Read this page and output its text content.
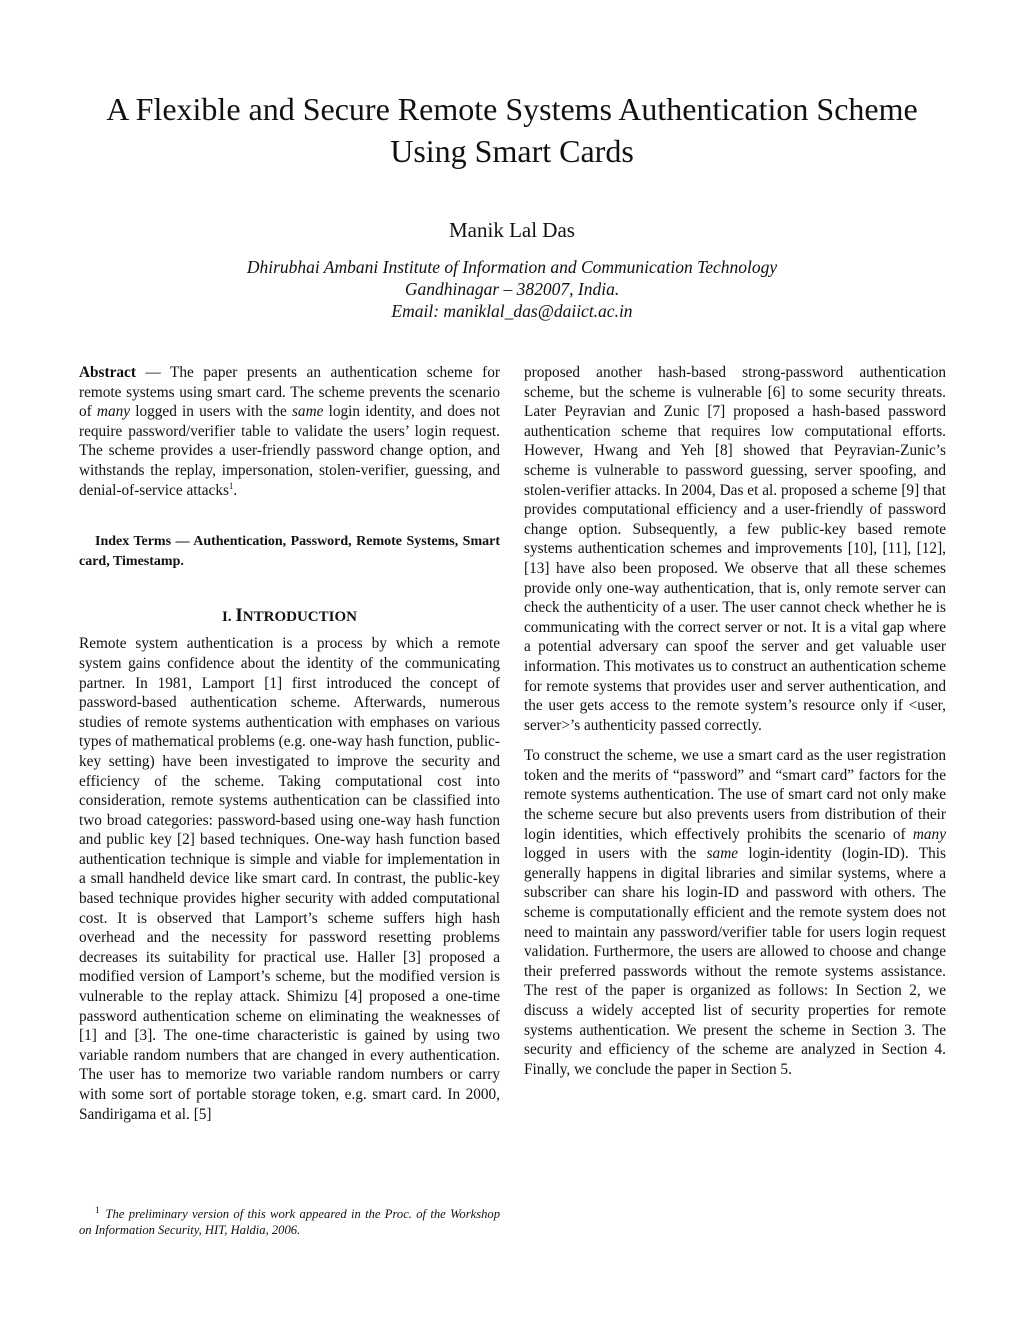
A Flexible and Secure Remote Systems Authentication Scheme
Using Smart Cards
Manik Lal Das
Dhirubhai Ambani Institute of Information and Communication Technology
Gandhinagar – 382007, India.
Email: maniklal_das@daiict.ac.in

Abstract — The paper presents an authentication scheme for remote systems using smart card. The scheme prevents the scenario of many logged in users with the same login identity, and does not require password/verifier table to validate the users’ login request. The scheme provides a user-friendly password change option, and withstands the replay, impersonation, stolen-verifier, guessing, and denial-of-service attacks$^1$.

Index Terms — Authentication, Password, Remote Systems, Smart card, Timestamp.

I. INTRODUCTION

Remote system authentication is a process by which a remote system gains confidence about the identity of the communicating partner. In 1981, Lamport [1] first introduced the concept of password-based authentication scheme. Afterwards, numerous studies of remote systems authentication with emphases on various types of mathematical problems (e.g. one-way hash function, public-key setting) have been investigated to improve the security and efficiency of the scheme. Taking computational cost into consideration, remote systems authentication can be classified into two broad categories: password-based using one-way hash function and public key [2] based techniques. One-way hash function based authentication technique is simple and viable for implementation in a small handheld device like smart card. In contrast, the public-key based technique provides higher security with added computational cost. It is observed that Lamport’s scheme suffers high hash overhead and the necessity for password resetting problems decreases its suitability for practical use. Haller [3] proposed a modified version of Lamport’s scheme, but the modified version is vulnerable to the replay attack. Shimizu [4] proposed a one-time password authentication scheme on eliminating the weaknesses of [1] and [3]. The one-time characteristic is gained by using two variable random numbers that are changed in every authentication. The user has to memorize two variable random numbers or carry with some sort of portable storage token, e.g. smart card. In 2000, Sandirigama et al. [5]

proposed another hash-based strong-password authentication scheme, but the scheme is vulnerable [6] to some security threats. Later Peyravian and Zunic [7] proposed a hash-based password authentication scheme that requires low computational efforts. However, Hwang and Yeh [8] showed that Peyravian-Zunic’s scheme is vulnerable to password guessing, server spoofing, and stolen-verifier attacks. In 2004, Das et al. proposed a scheme [9] that provides computational efficiency and a user-friendly of password change option. Subsequently, a few public-key based remote systems authentication schemes and improvements [10], [11], [12], [13] have also been proposed. We observe that all these schemes provide only one-way authentication, that is, only remote server can check the authenticity of a user. The user cannot check whether he is communicating with the correct server or not. It is a vital gap where a potential adversary can spoof the server and get valuable user information. This motivates us to construct an authentication scheme for remote systems that provides user and server authentication, and the user gets access to the remote system’s resource only if <user, server>’s authenticity passed correctly.

To construct the scheme, we use a smart card as the user registration token and the merits of “password” and “smart card” factors for the remote systems authentication. The use of smart card not only make the scheme secure but also prevents users from distribution of their login identities, which effectively prohibits the scenario of many logged in users with the same login-identity (login-ID). This generally happens in digital libraries and similar systems, where a subscriber can share his login-ID and password with others. The scheme is computationally efficient and the remote system does not need to maintain any password/verifier table for users login request validation. Furthermore, the users are allowed to choose and change their preferred passwords without the remote systems assistance. The rest of the paper is organized as follows: In Section 2, we discuss a widely accepted list of security properties for remote systems authentication. We present the scheme in Section 3. The security and efficiency of the scheme are analyzed in Section 4. Finally, we conclude the paper in Section 5.

$^1$ The preliminary version of this work appeared in the Proc. of the Workshop on Information Security, HIT, Haldia, 2006.
